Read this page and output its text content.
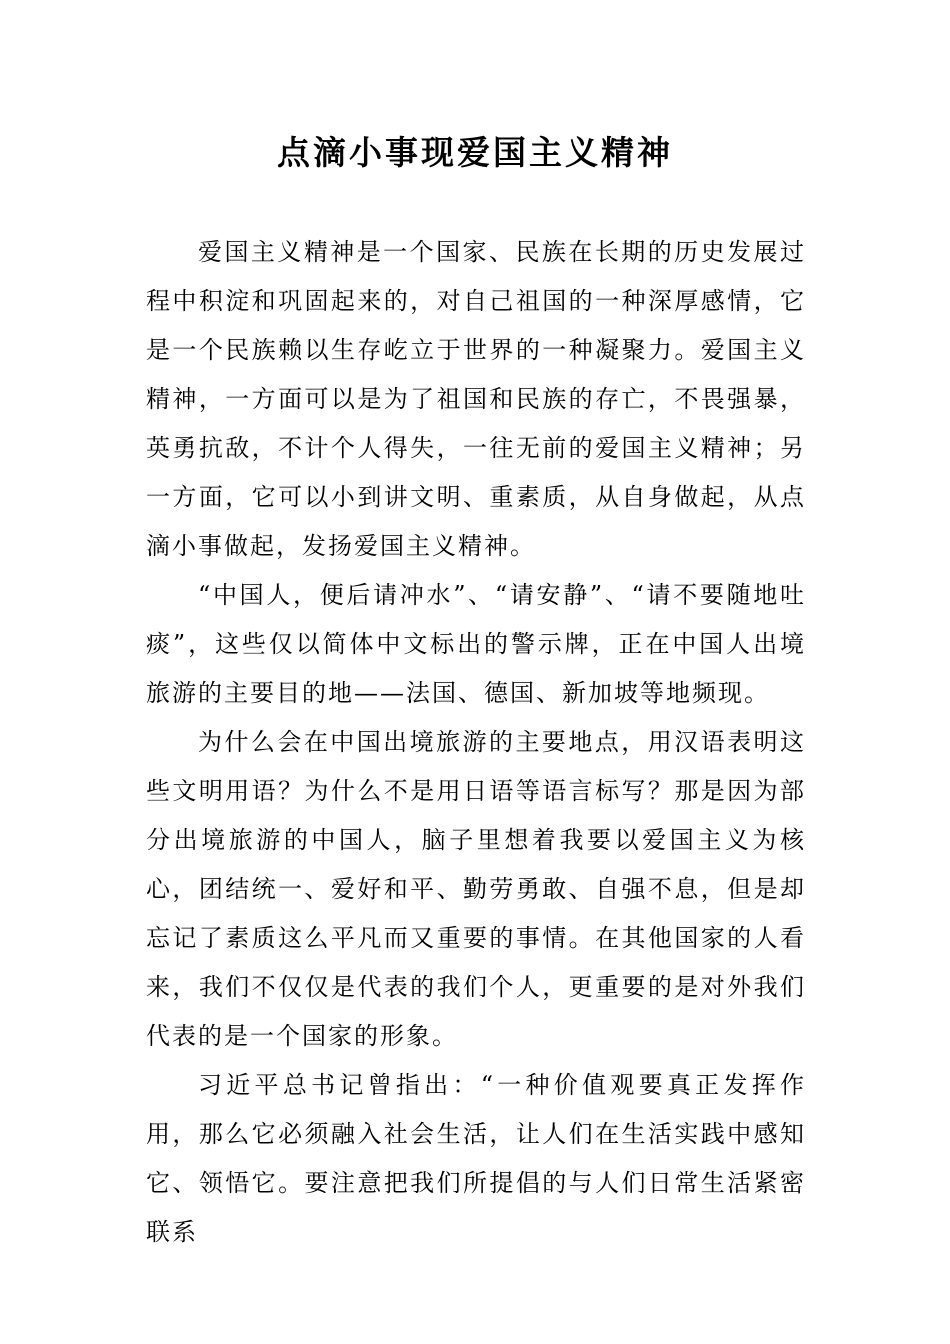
点滴小事现爱国主义精神

爱国主义精神是一个国家、民族在长期的历史发展过程中积淀和巩固起来的，对自己祖国的一种深厚感情，它是一个民族赖以生存屹立于世界的一种凝聚力。爱国主义精神，一方面可以是为了祖国和民族的存亡，不畏强暴，英勇抗敌，不计个人得失，一往无前的爱国主义精神；另一方面，它可以小到讲文明、重素质，从自身做起，从点滴小事做起，发扬爱国主义精神。

“中国人，便后请冲水”、“请安静”、“请不要随地吐痰”，这些仅以简体中文标出的警示牌，正在中国人出境旅游的主要目的地——法国、德国、新加坡等地频现。

为什么会在中国出境旅游的主要地点，用汉语表明这些文明用语？为什么不是用日语等语言标写？那是因为部分出境旅游的中国人，脑子里想着我要以爱国主义为核心，团结统一、爱好和平、勤劳勇敢、自强不息，但是却忘记了素质这么平凡而又重要的事情。在其他国家的人看来，我们不仅仅是代表的我们个人，更重要的是对外我们代表的是一个国家的形象。

习近平总书记曾指出：“一种价值观要真正发挥作用，那么它必须融入社会生活，让人们在生活实践中感知它、领悟它。要注意把我们所提倡的与人们日常生活紧密联系
